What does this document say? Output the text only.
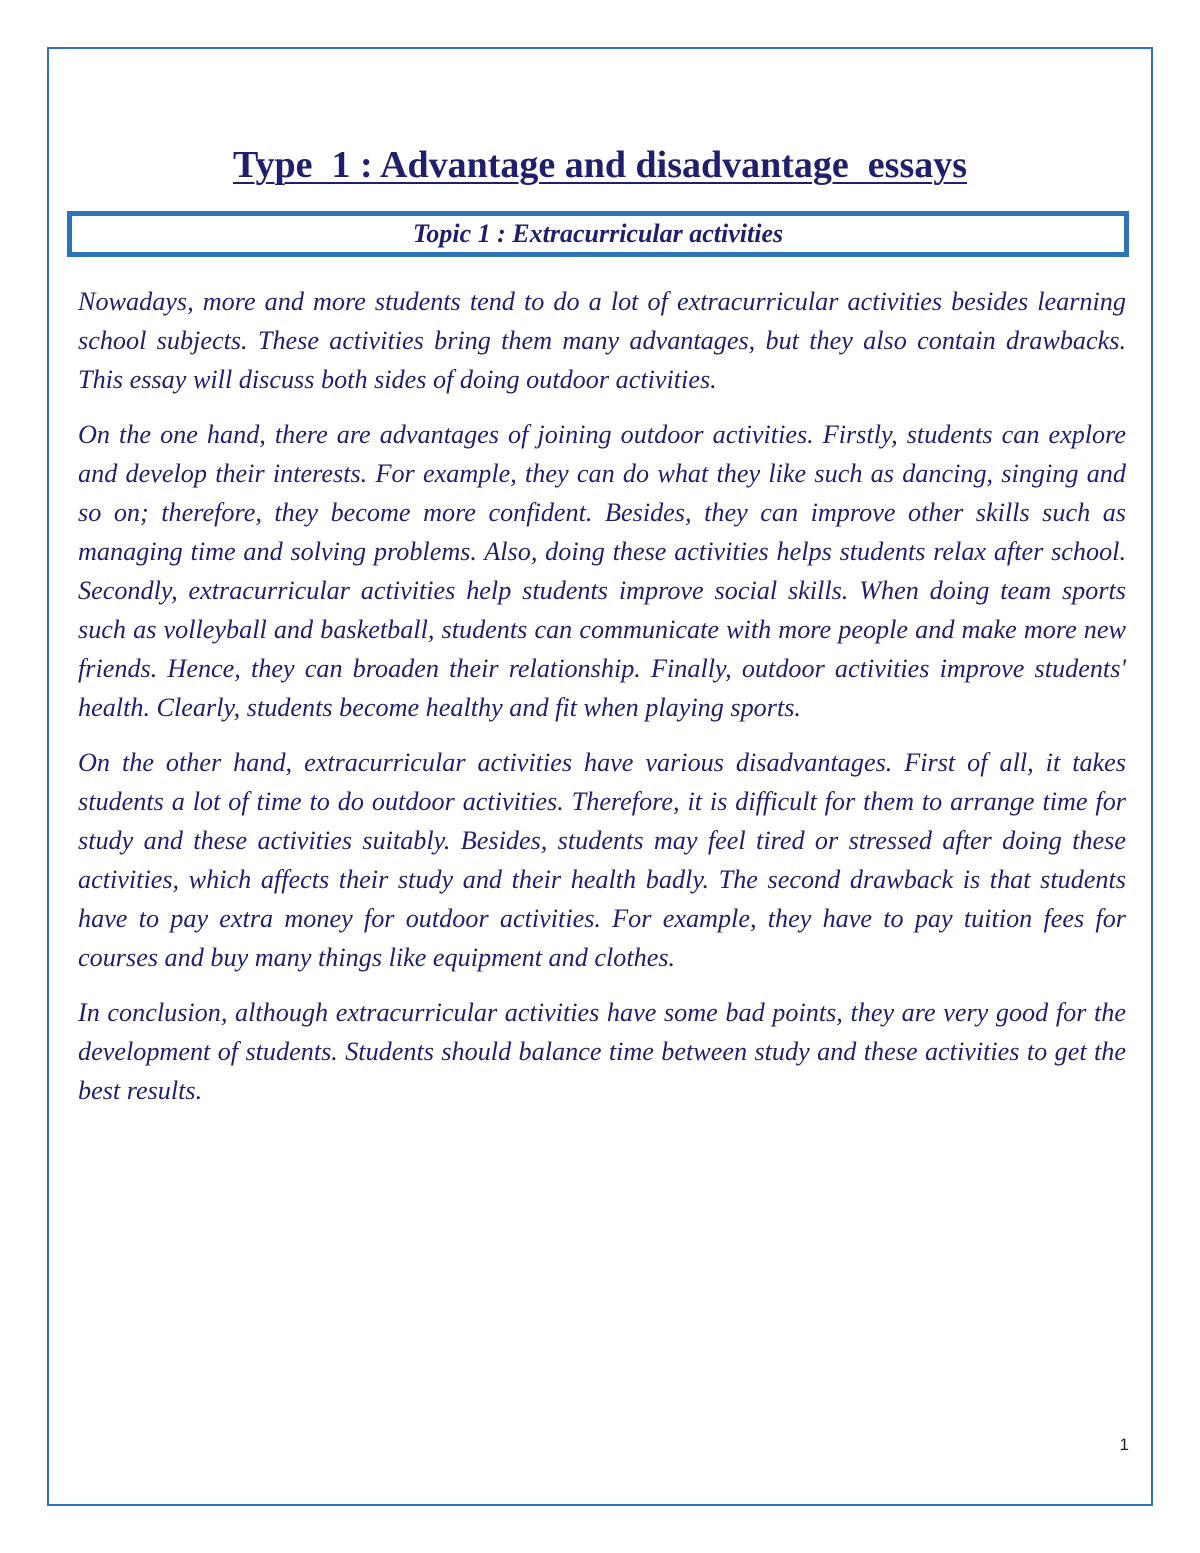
Type  1 : Advantage and disadvantage  essays
Topic 1 : Extracurricular activities

Nowadays, more and more students tend to do a lot of extracurricular activities besides learning school subjects. These activities bring them many advantages, but they also contain drawbacks. This essay will discuss both sides of doing outdoor activities.

On the one hand, there are advantages of joining outdoor activities. Firstly, students can explore and develop their interests. For example, they can do what they like such as dancing, singing and so on; therefore, they become more confident. Besides, they can improve other skills such as managing time and solving problems. Also, doing these activities helps students relax after school. Secondly, extracurricular activities help students improve social skills. When doing team sports such as volleyball and basketball, students can communicate with more people and make more new friends. Hence, they can broaden their relationship. Finally, outdoor activities improve students' health. Clearly, students become healthy and fit when playing sports.

On the other hand, extracurricular activities have various disadvantages. First of all, it takes students a lot of time to do outdoor activities. Therefore, it is difficult for them to arrange time for study and these activities suitably. Besides, students may feel tired or stressed after doing these activities, which affects their study and their health badly. The second drawback is that students have to pay extra money for outdoor activities. For example, they have to pay tuition fees for courses and buy many things like equipment and clothes.

In conclusion, although extracurricular activities have some bad points, they are very good for the development of students. Students should balance time between study and these activities to get the best results.

1
